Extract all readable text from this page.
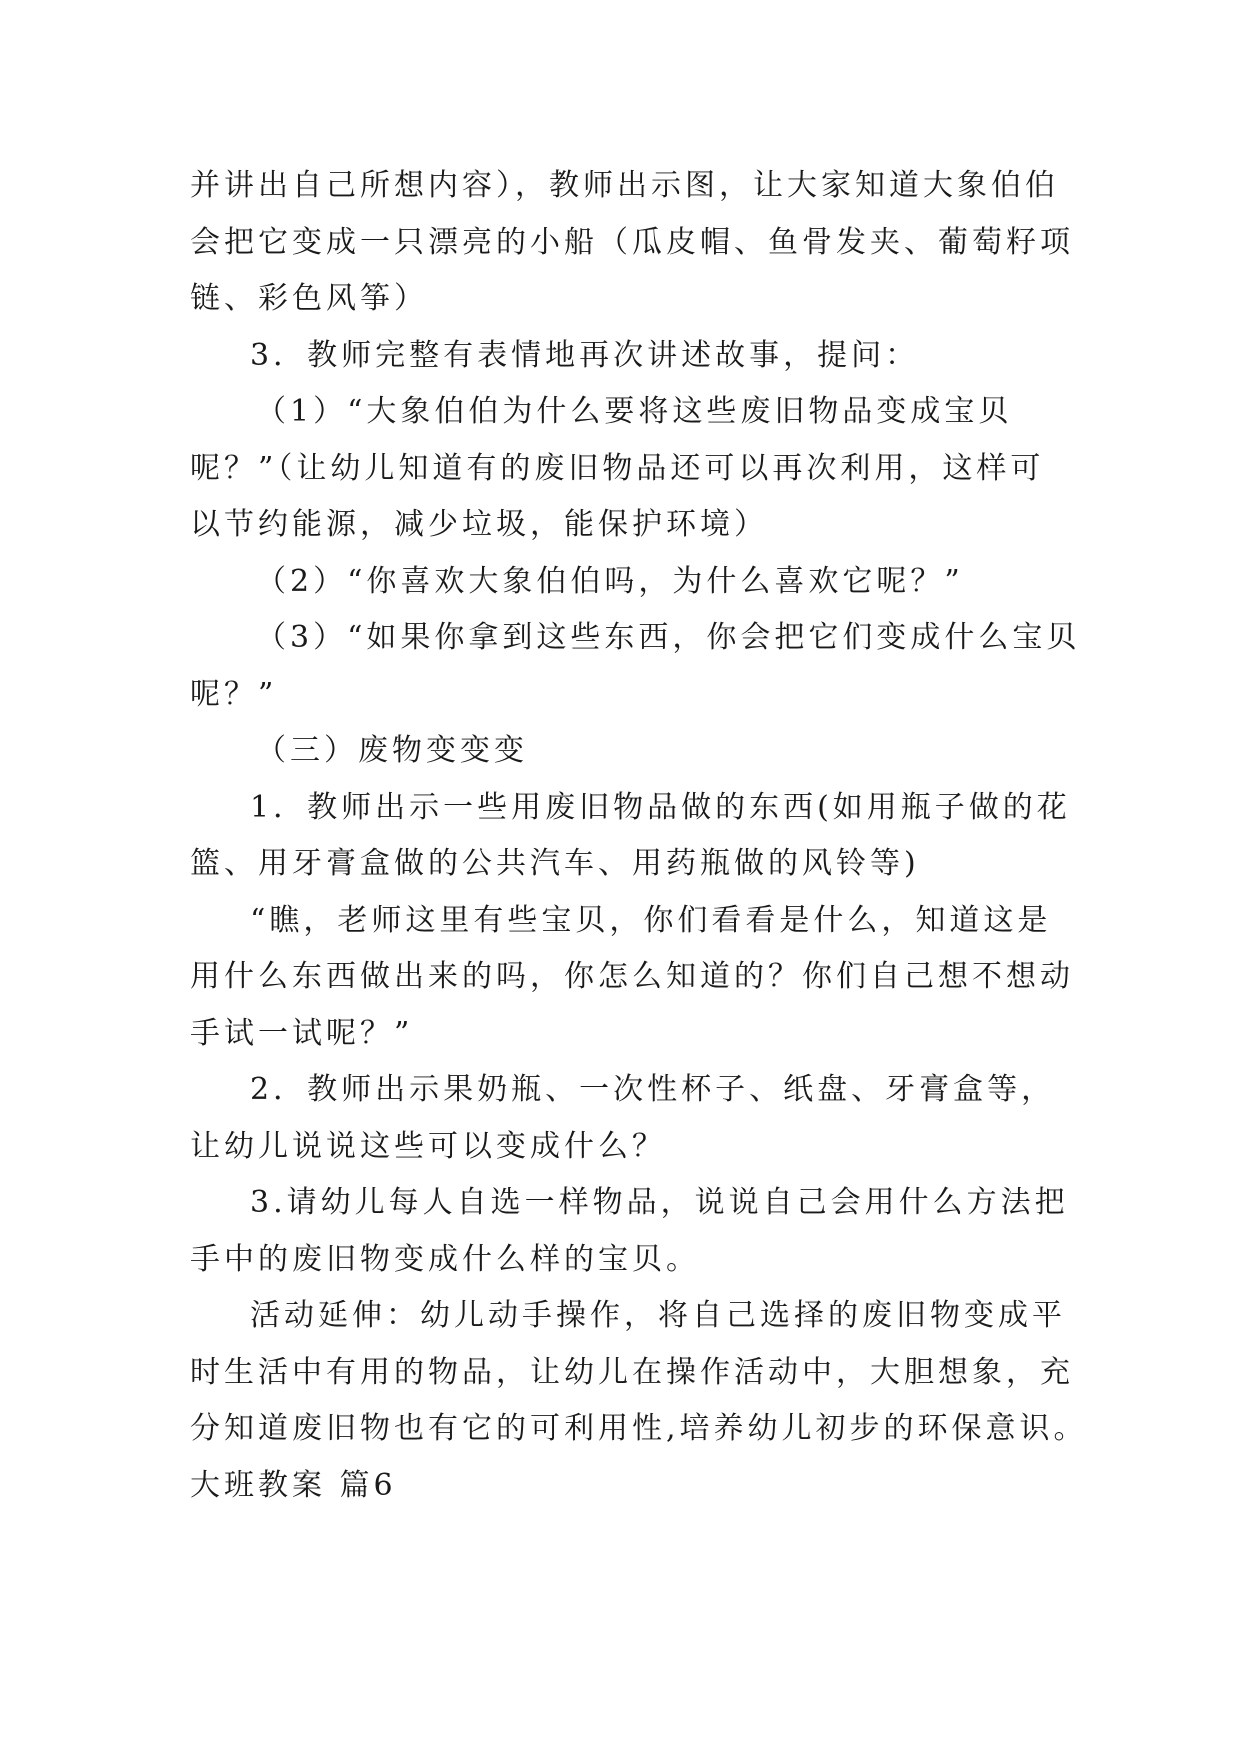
并讲出自己所想内容），教师出示图，让大家知道大象伯伯
会把它变成一只漂亮的小船（瓜皮帽、鱼骨发夹、葡萄籽项
链、彩色风筝）
3．教师完整有表情地再次讲述故事，提问：
（1）“大象伯伯为什么要将这些废旧物品变成宝贝
呢？”（让幼儿知道有的废旧物品还可以再次利用，这样可
以节约能源，减少垃圾，能保护环境）
（2）“你喜欢大象伯伯吗，为什么喜欢它呢？”
（3）“如果你拿到这些东西，你会把它们变成什么宝贝
呢？”
（三）废物变变变
1．教师出示一些用废旧物品做的东西(如用瓶子做的花
篮、用牙膏盒做的公共汽车、用药瓶做的风铃等)
“瞧，老师这里有些宝贝，你们看看是什么，知道这是
用什么东西做出来的吗，你怎么知道的？你们自己想不想动
手试一试呢？”
2．教师出示果奶瓶、一次性杯子、纸盘、牙膏盒等，
让幼儿说说这些可以变成什么？
3.请幼儿每人自选一样物品，说说自己会用什么方法把
手中的废旧物变成什么样的宝贝。
活动延伸：幼儿动手操作，将自己选择的废旧物变成平
时生活中有用的物品，让幼儿在操作活动中，大胆想象，充
分知道废旧物也有它的可利用性,培养幼儿初步的环保意识。
大班教案 篇6
